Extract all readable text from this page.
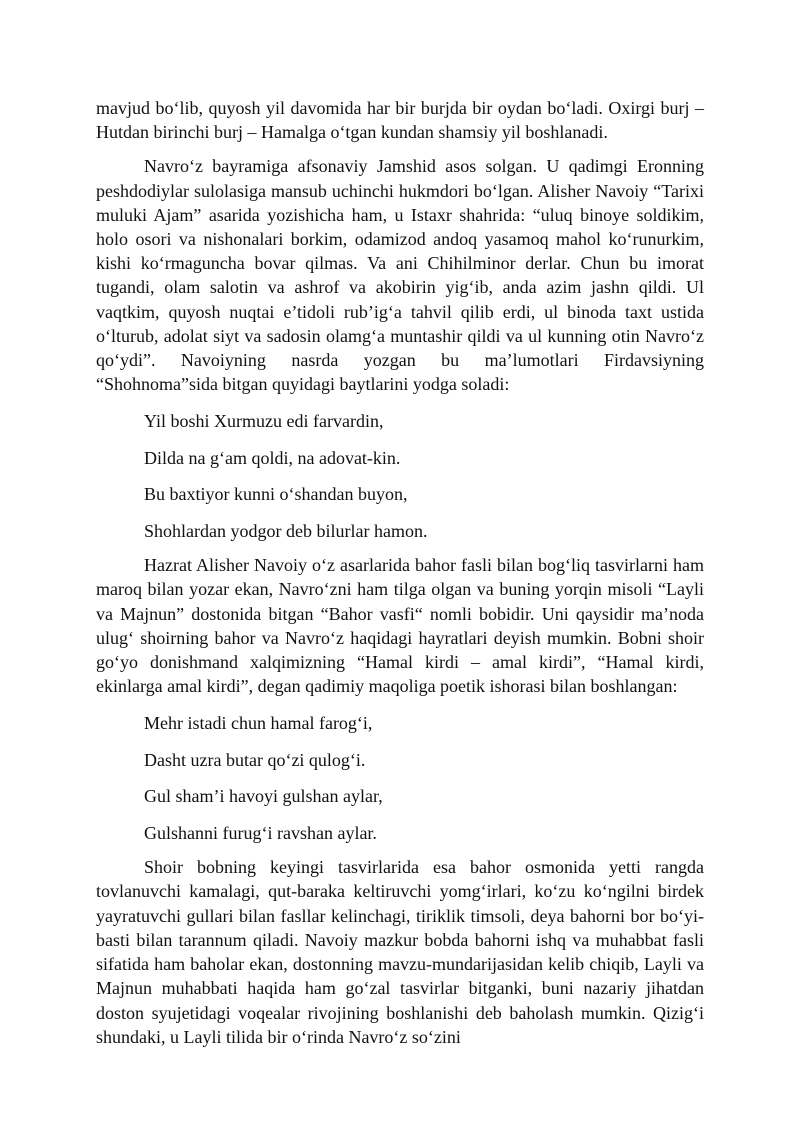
mavjud bo‘lib, quyosh yil davomida har bir burjda bir oydan bo‘ladi. Oxirgi burj – Hutdan birinchi burj – Hamalga o‘tgan kundan shamsiy yil boshlanadi.

Navro‘z bayramiga afsonaviy Jamshid asos solgan. U qadimgi Eronning peshdodiylar sulolasiga mansub uchinchi hukmdori bo‘lgan. Alisher Navoiy “Tarixi muluki Ajam” asarida yozishicha ham, u Istaxr shahrida: “uluq binoye soldikim, holo osori va nishonalari borkim, odamizod andoq yasamoq mahol ko‘runurkim, kishi ko‘rmaguncha bovar qilmas. Va ani Chihilminor derlar. Chun bu imorat tugandi, olam salotin va ashrof va akobirin yig‘ib, anda azim jashn qildi. Ul vaqtkim, quyosh nuqtai e’tidoli rub’ig‘a tahvil qilib erdi, ul binoda taxt ustida o‘lturub, adolat siyt va sadosin olamg‘a muntashir qildi va ul kunning otin Navro‘z qo‘ydi”. Navoiyning nasrda yozgan bu ma’lumotlari Firdavsiyning “Shohnoma”sida bitgan quyidagi baytlarini yodga soladi:

Yil boshi Xurmuzu edi farvardin,

Dilda na g‘am qoldi, na adovat-kin.

Bu baxtiyor kunni o‘shandan buyon,

Shohlardan yodgor deb bilurlar hamon.

Hazrat Alisher Navoiy o‘z asarlarida bahor fasli bilan bog‘liq tasvirlarni ham maroq bilan yozar ekan, Navro‘zni ham tilga olgan va buning yorqin misoli “Layli va Majnun” dostonida bitgan “Bahor vasfi“ nomli bobidir. Uni qaysidir ma’noda ulug‘ shoirning bahor va Navro‘z haqidagi hayratlari deyish mumkin. Bobni shoir go‘yo donishmand xalqimizning “Hamal kirdi – amal kirdi”, “Hamal kirdi, ekinlarga amal kirdi”, degan qadimiy maqoliga poetik ishorasi bilan boshlangan:

Mehr istadi chun hamal farog‘i,

Dasht uzra butar qo‘zi qulog‘i.

Gul sham’i havoyi gulshan aylar,

Gulshanni furug‘i ravshan aylar.

Shoir bobning keyingi tasvirlarida esa bahor osmonida yetti rangda tovlanuvchi kamalagi, qut-baraka keltiruvchi yomg‘irlari, ko‘zu ko‘ngilni birdek yayratuvchi gullari bilan fasllar kelinchagi, tiriklik timsoli, deya bahorni bor bo‘yi-basti bilan tarannum qiladi. Navoiy mazkur bobda bahorni ishq va muhabbat fasli sifatida ham baholar ekan, dostonning mavzu-mundarijasidan kelib chiqib, Layli va Majnun muhabbati haqida ham go‘zal tasvirlar bitganki, buni nazariy jihatdan doston syujetidagi voqealar rivojining boshlanishi deb baholash mumkin. Qizig‘i shundaki, u Layli tilida bir o‘rinda Navro‘z so‘zini
